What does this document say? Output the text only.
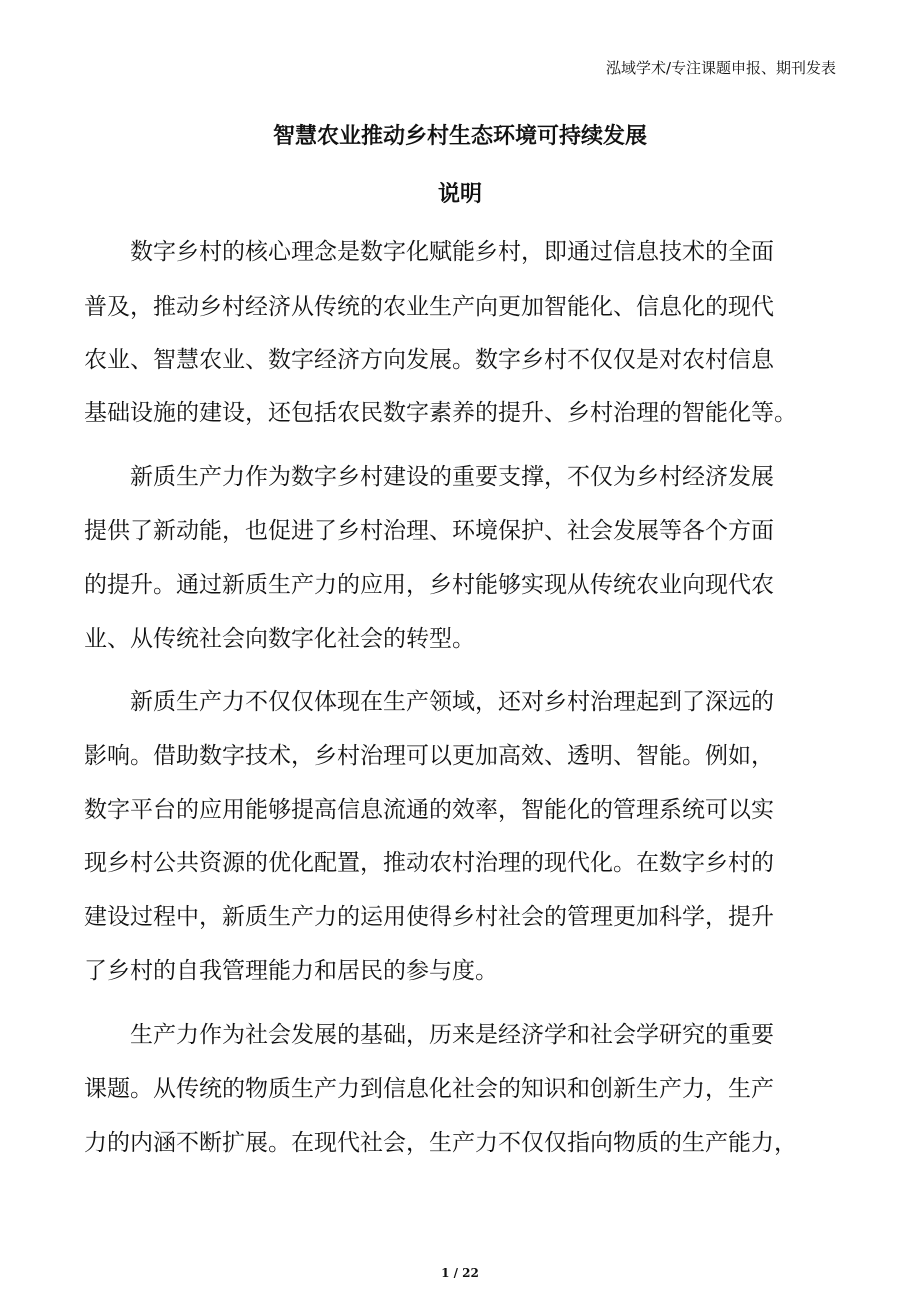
泓域学术/专注课题申报、期刊发表
智慧农业推动乡村生态环境可持续发展
说明
数字乡村的核心理念是数字化赋能乡村，即通过信息技术的全面
普及，推动乡村经济从传统的农业生产向更加智能化、信息化的现代
农业、智慧农业、数字经济方向发展。数字乡村不仅仅是对农村信息
基础设施的建设，还包括农民数字素养的提升、乡村治理的智能化等。
新质生产力作为数字乡村建设的重要支撑，不仅为乡村经济发展
提供了新动能，也促进了乡村治理、环境保护、社会发展等各个方面
的提升。通过新质生产力的应用，乡村能够实现从传统农业向现代农
业、从传统社会向数字化社会的转型。
新质生产力不仅仅体现在生产领域，还对乡村治理起到了深远的
影响。借助数字技术，乡村治理可以更加高效、透明、智能。例如，
数字平台的应用能够提高信息流通的效率，智能化的管理系统可以实
现乡村公共资源的优化配置，推动农村治理的现代化。在数字乡村的
建设过程中，新质生产力的运用使得乡村社会的管理更加科学，提升
了乡村的自我管理能力和居民的参与度。
生产力作为社会发展的基础，历来是经济学和社会学研究的重要
课题。从传统的物质生产力到信息化社会的知识和创新生产力，生产
力的内涵不断扩展。在现代社会，生产力不仅仅指向物质的生产能力，
1 / 22
